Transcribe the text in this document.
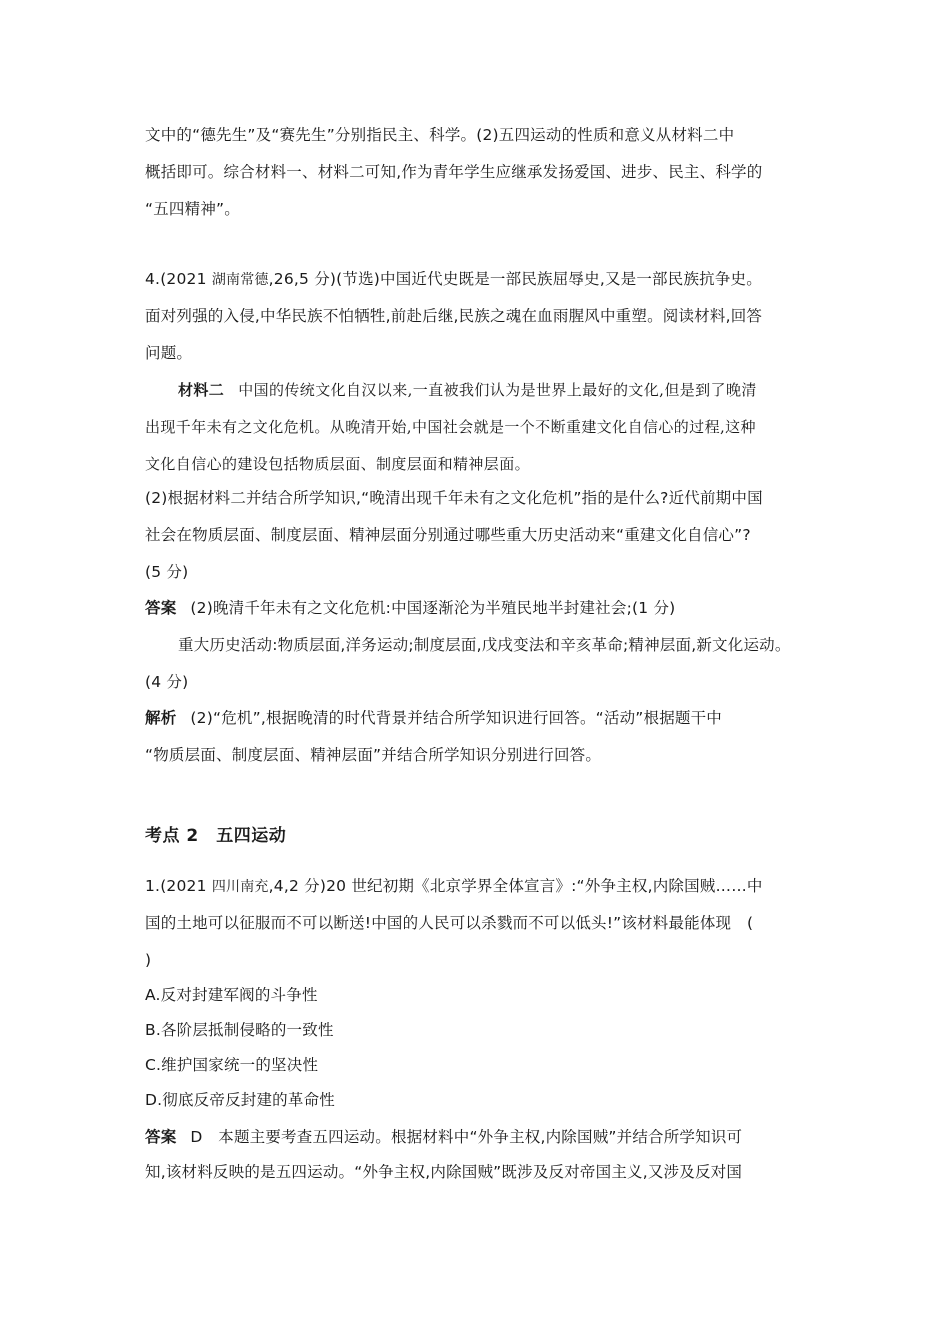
文中的“德先生”及“赛先生”分别指民主、科学。(2)五四运动的性质和意义从材料二中
概括即可。综合材料一、材料二可知,作为青年学生应继承发扬爱国、进步、民主、科学的
“五四精神”。
4.(2021 湖南常德,26,5 分)(节选)中国近代史既是一部民族屈辱史,又是一部民族抗争史。
面对列强的入侵,中华民族不怕牺牲,前赴后继,民族之魂在血雨腥风中重塑。阅读材料,回答
问题。
材料二 中国的传统文化自汉以来,一直被我们认为是世界上最好的文化,但是到了晚清
出现千年未有之文化危机。从晚清开始,中国社会就是一个不断重建文化自信心的过程,这种
文化自信心的建设包括物质层面、制度层面和精神层面。
(2)根据材料二并结合所学知识,“晚清出现千年未有之文化危机”指的是什么?近代前期中国
社会在物质层面、制度层面、精神层面分别通过哪些重大历史活动来“重建文化自信心”?
(5 分)
答案 (2)晚清千年未有之文化危机:中国逐渐沦为半殖民地半封建社会;(1 分)
重大历史活动:物质层面,洋务运动;制度层面,戊戌变法和辛亥革命;精神层面,新文化运动。
(4 分)
解析 (2)“危机”,根据晚清的时代背景并结合所学知识进行回答。“活动”根据题干中
“物质层面、制度层面、精神层面”并结合所学知识分别进行回答。
考点 2　五四运动
1.(2021 四川南充,4,2 分)20 世纪初期《北京学界全体宣言》:“外争主权,内除国贼……中
国的土地可以征服而不可以断送!中国的人民可以杀戮而不可以低头!”该材料最能体现　(
)
A.反对封建军阀的斗争性
B.各阶层抵制侵略的一致性
C.维护国家统一的坚决性
D.彻底反帝反封建的革命性
答案 D　本题主要考查五四运动。根据材料中“外争主权,内除国贼”并结合所学知识可
知,该材料反映的是五四运动。“外争主权,内除国贼”既涉及反对帝国主义,又涉及反对国
